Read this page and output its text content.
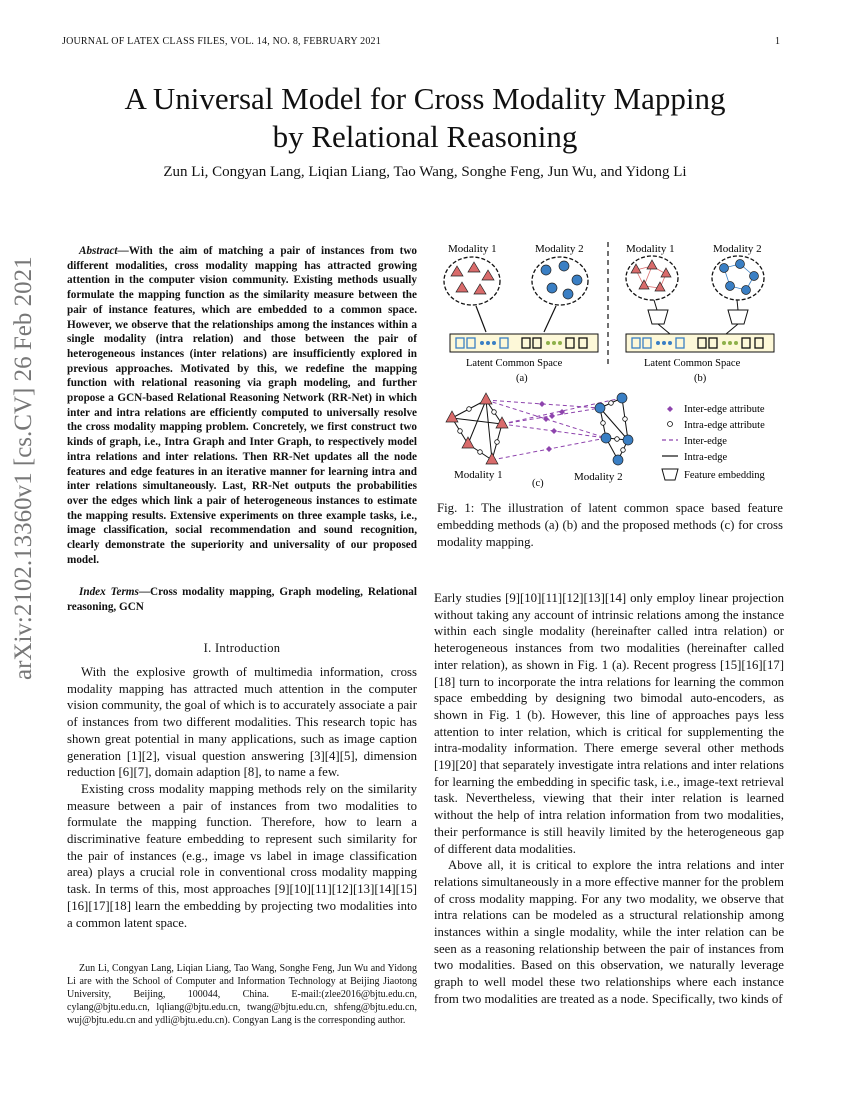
JOURNAL OF LATEX CLASS FILES, VOL. 14, NO. 8, FEBRUARY 2021	1
A Universal Model for Cross Modality Mapping
by Relational Reasoning
Zun Li, Congyan Lang, Liqian Liang, Tao Wang, Songhe Feng, Jun Wu, and Yidong Li
arXiv:2102.13360v1 [cs.CV] 26 Feb 2021
Abstract—With the aim of matching a pair of instances from two different modalities, cross modality mapping has attracted growing attention in the computer vision community. Existing methods usually formulate the mapping function as the similarity measure between the pair of instance features, which are embedded to a common space. However, we observe that the relationships among the instances within a single modality (intra relation) and those between the pair of heterogeneous instances (inter relations) are insufficiently explored in previous approaches. Motivated by this, we redefine the mapping function with relational reasoning via graph modeling, and further propose a GCN-based Relational Reasoning Network (RR-Net) in which inter and intra relations are efficiently computed to universally resolve the cross modality mapping problem. Concretely, we first construct two kinds of graph, i.e., Intra Graph and Inter Graph, to respectively model intra relations and inter relations. Then RR-Net updates all the node features and edge features in an iterative manner for learning intra and inter relations simultaneously. Last, RR-Net outputs the probabilities over the edges which link a pair of heterogeneous instances to estimate the mapping results. Extensive experiments on three example tasks, i.e., image classification, social recommendation and sound recognition, clearly demonstrate the superiority and universality of our proposed model.
Index Terms—Cross modality mapping, Graph modeling, Relational reasoning, GCN
I. Introduction

With the explosive growth of multimedia information, cross modality mapping has attracted much attention in the computer vision community, the goal of which is to accurately associate a pair of instances from two different modalities. This research topic has shown great potential in many applications, such as image caption generation [1][2], visual question answering [3][4][5], dimension reduction [6][7], domain adaption [8], to name a few.

Existing cross modality mapping methods rely on the similarity measure between a pair of instances from two modalities to formulate the mapping function. Therefore, how to learn a discriminative feature embedding to represent such similarity for the pair of instances (e.g., image vs label in image classification area) plays a crucial role in conventional cross modality mapping task. In terms of this, most approaches [9][10][11][12][13][14][15][16][17][18] learn the embedding by projecting two modalities into a common latent space.

Zun Li, Congyan Lang, Liqian Liang, Tao Wang, Songhe Feng, Jun Wu and Yidong Li are with the School of Computer and Information Technology at Beijing Jiaotong University, Beijing, 100044, China. E-mail:(zlee2016@bjtu.edu.cn, cylang@bjtu.edu.cn, lqliang@bjtu.edu.cn, twang@bjtu.edu.cn, shfeng@bjtu.edu.cn, wuj@bjtu.edu.cn and ydli@bjtu.edu.cn). Congyan Lang is the corresponding author.
Modality 1	Modality 2
Latent Common Space
(a)
Modality 1	Modality 2
Latent Common Space
(b)
Modality 1
(c)
Modality 2
Inter-edge attribute
Intra-edge attribute
Inter-edge
Intra-edge
Feature embedding
Fig. 1: The illustration of latent common space based feature embedding methods (a) (b) and the proposed methods (c) for cross modality mapping.

Early studies [9][10][11][12][13][14] only employ linear projection without taking any account of intrinsic relations among the instance within each single modality (hereinafter called intra relation) or heterogeneous instances from two modalities (hereinafter called inter relation), as shown in Fig. 1 (a). Recent progress [15][16][17][18] turn to incorporate the intra relations for learning the common space embedding by designing two bimodal auto-encoders, as shown in Fig. 1 (b). However, this line of approaches pays less attention to inter relation, which is critical for supplementing the intra-modality information. There emerge several other methods [19][20] that separately investigate intra relations and inter relations for learning the embedding in specific task, i.e., image-text retrieval task. Nevertheless, viewing that their inter relation is learned without the help of intra relation information from two modalities, their performance is still heavily limited by the heterogeneous gap of different data modalities.

Above all, it is critical to explore the intra relations and inter relations simultaneously in a more effective manner for the problem of cross modality mapping. For any two modality, we observe that intra relations can be modeled as a structural relationship among instances within a single modality, while the inter relation can be seen as a reasoning relationship between the pair of instances from two modalities. Based on this observation, we naturally leverage graph to well model these two relationships where each instance from two modalities are treated as a node. Specifically, two kinds of
